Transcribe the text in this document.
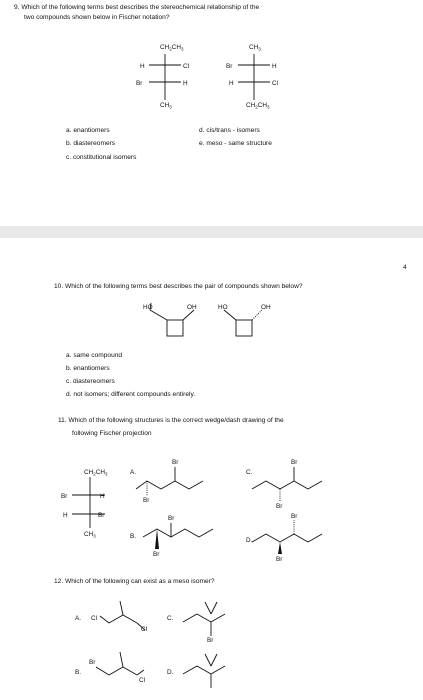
9. Which of the following terms best describes the stereochemical relationship of the
two compounds shown below in Fischer notation?
$CH_2CH_3$
H	Cl
Br	H
$CH_3$
$CH_3$
Br	H
H	Cl
$CH_2CH_3$
a. enantiomers
b. diastereomers
c. constitutional isomers
d. cis/trans - isomers
e. meso - same structure
4
10. Which of the following terms best describes the pair of compounds shown below?
HO	OH	HO	OH
a. same compound
b. enantiomers
c. diastereomers
d. not isomers; different compounds entirely.
11. Which of the following structures is the correct wedge/dash drawing of the
following Fischer projection
$CH_2CH_3$
Br	H
H	Br
$CH_3$
A.
Br
Br
C.
Br
Br
B.
Br
Br
D.
Br
Br
12. Which of the following can exist as a meso isomer?
A. Cl
Cl
C.
Br
B.
Br
Cl
D.
